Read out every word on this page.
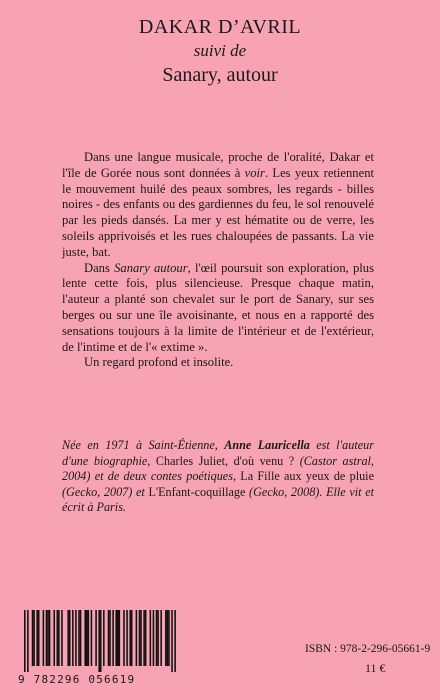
DAKAR D’AVRIL

suivi de

Sanary, autour

Dans une langue musicale, proche de l'oralité, Dakar et l'île de Gorée nous sont données à voir. Les yeux retiennent le mouvement huilé des peaux sombres, les regards - billes noires - des enfants ou des gardiennes du feu, le sol renouvelé par les pieds dansés. La mer y est hématite ou de verre, les soleils apprivoisés et les rues chaloupées de passants. La vie juste, bat.

Dans Sanary autour, l'œil poursuit son exploration, plus lente cette fois, plus silencieuse. Presque chaque matin, l'auteur a planté son chevalet sur le port de Sanary, sur ses berges ou sur une île avoisinante, et nous en a rapporté des sensations toujours à la limite de l'intérieur et de l'extérieur, de l'intime et de l'« extime ».

Un regard profond et insolite.

Née en 1971 à Saint-Étienne, Anne Lauricella est l'auteur d'une biographie, Charles Juliet, d'où venu ? (Castor astral, 2004) et de deux contes poétiques, La Fille aux yeux de pluie (Gecko, 2007) et L'Enfant-coquillage (Gecko, 2008). Elle vit et écrit à Paris.
9 782296 056619
ISBN : 978-2-296-05661-9
11 €
